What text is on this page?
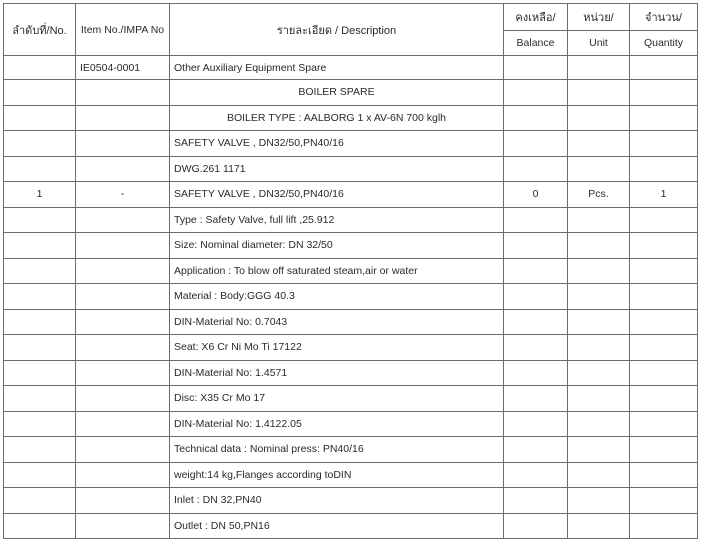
ลำดับที่/No.	Item No./IMPA No	รายละเอียด / Description	คงเหลือ/	หน่วย/	จำนวน/
			Balance	Unit	Quantity
	IE0504-0001	Other Auxiliary Equipment Spare			
		BOILER SPARE			
		BOILER TYPE : AALBORG 1 x AV-6N 700 kglh			
		SAFETY VALVE , DN32/50,PN40/16			
		DWG.261 1171			
1	-	SAFETY VALVE , DN32/50,PN40/16	0	Pcs.	1
		Type : Safety Valve, full lift ,25.912			
		Size: Nominal diameter: DN 32/50			
		Application : To blow off saturated steam,air or water			
		Material : Body:GGG 40.3			
		DIN-Material No: 0.7043			
		Seat: X6 Cr Ni Mo Ti 17122			
		DIN-Material No: 1.4571			
		Disc: X35 Cr Mo 17			
		DIN-Material No: 1.4122.05			
		Technical data : Nominal press: PN40/16			
		weight:14 kg,Flanges according toDIN			
		Inlet : DN 32,PN40			
		Outlet : DN 50,PN16			
